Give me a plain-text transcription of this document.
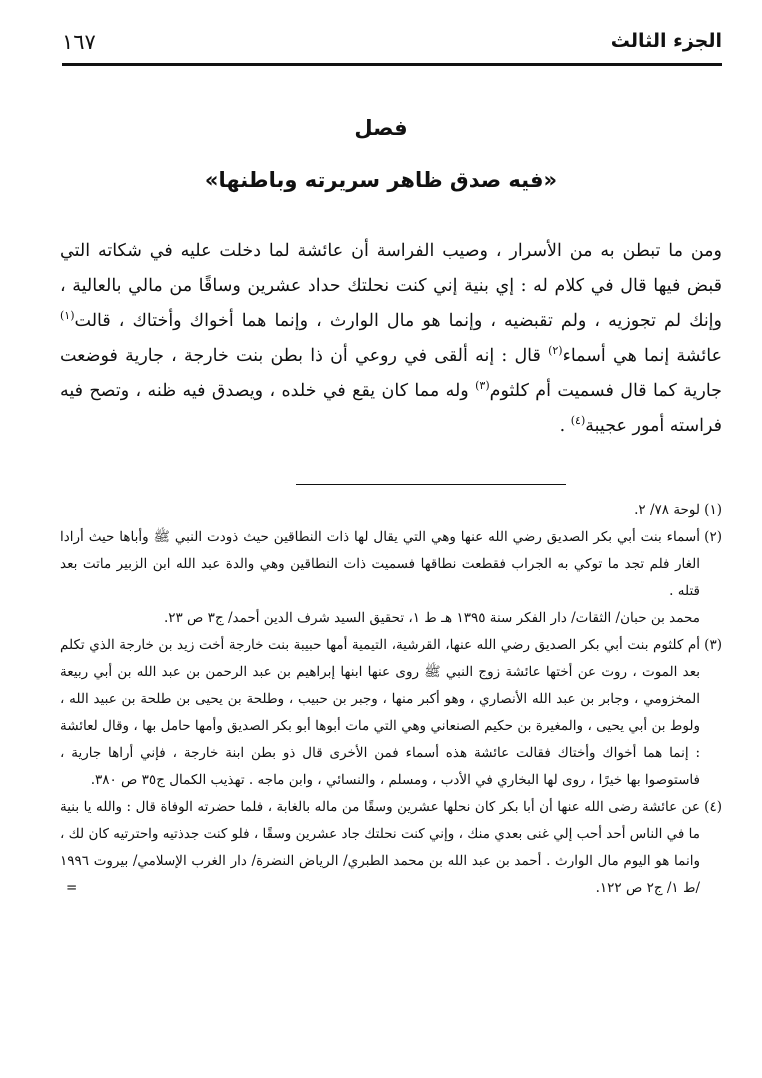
الجزء الثالث
١٦٧
فصل
«فيه صدق ظاهر سريرته وباطنها»

ومن ما تبطن به من الأسرار ، وصيب الفراسة أن عائشة لما دخلت عليه في شكاته التي قبض فيها قال في كلام له : إي بنية إني كنت نحلتك حداد عشرين وساقًا من مالي بالعالية ، وإنك لم تجوزيه ، ولم تقبضيه ، وإنما هو مال الوارث ، وإنما هما أخواك وأختاك ، قالت$^{(١)}$ عائشة إنما هي أسماء$^{(٢)}$ قال : إنه ألقى في روعي أن ذا بطن بنت خارجة ، جارية فوضعت جارية كما قال فسميت أم كلثوم$^{(٣)}$ وله مما كان يقع في خلده ، ويصدق فيه ظنه ، وتصح فيه فراسته أمور عجيبة$^{(٤)}$ .

(١)
لوحة ٧٨/ ٢.
(٢)
أسماء بنت أبي بكر الصديق رضي الله عنها وهي التي يقال لها ذات النطاقين حيث ذودت النبي ﷺ وأباها حيث أرادا الغار فلم تجد ما توكي به الجراب فقطعت نطاقها فسميت ذات النطاقين وهي والدة عبد الله ابن الزبير ماتت بعد قتله .
محمد بن حبان/ الثقات/ دار الفكر سنة ١٣٩٥ هـ ط ١، تحقيق السيد شرف الدين أحمد/ ج٣ ص ٢٣.
(٣)
أم كلثوم بنت أبي بكر الصديق رضي الله عنها، القرشية، التيمية أمها حبيبة بنت خارجة أخت زيد بن خارجة الذي تكلم بعد الموت ، روت عن أختها عائشة زوج النبي ﷺ روى عنها ابنها إبراهيم بن عبد الرحمن بن عبد الله بن أبي ربيعة المخزومي ، وجابر بن عبد الله الأنصاري ، وهو أكبر منها ، وجبر بن حبيب ، وطلحة بن يحيى بن طلحة بن عبيد الله ، ولوط بن أبي يحيى ، والمغيرة بن حكيم الصنعاني وهي التي مات أبوها أبو بكر الصديق وأمها حامل بها ، وقال لعائشة : إنما هما أخواك وأختاك فقالت عائشة هذه أسماء فمن الأخرى قال ذو بطن ابنة خارجة ، فإني أراها جارية ، فاستوصوا بها خيرًا ، روى لها البخاري في الأدب ، ومسلم ، والنسائي ، وابن ماجه . تهذيب الكمال ج٣٥ ص ٣٨٠.
(٤)
عن عائشة رضى الله عنها أن أبا بكر كان نحلها عشرين وسقًا من ماله بالغابة ، فلما حضرته الوفاة قال : والله يا بنية ما في الناس أحد أحب إلي غنى بعدي منك ، وإني كنت نحلتك جاد عشرين وسقًا ، فلو كنت جدذتيه واحترتيه كان لك ، وانما هو اليوم مال الوارث . أحمد بن عبد الله بن محمد الطبري/ الرياض النضرة/ دار الغرب الإسلامي/ بيروت ١٩٩٦ /ط ١/ ج٢ ص ١٢٢.
=
